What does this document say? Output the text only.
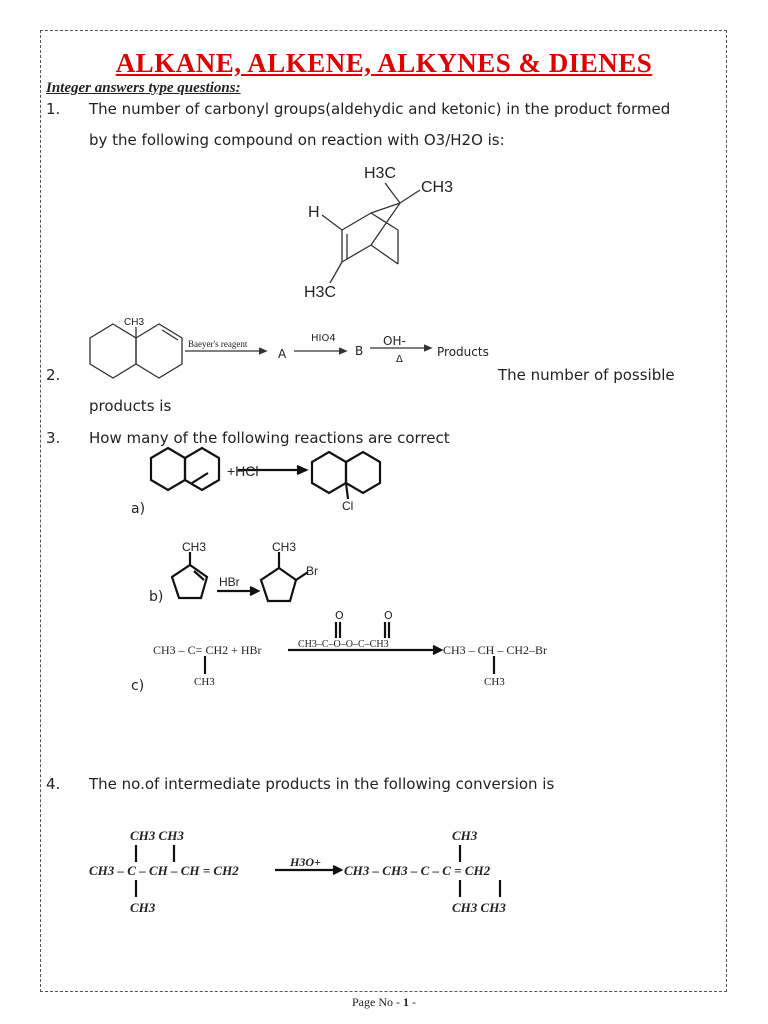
ALKANE, ALKENE, ALKYNES & DIENES
Integer answers type questions:
1. The number of carbonyl groups(aldehydic and ketonic) in the product formed
by the following compound on reaction with O3/H2O is:
H3C
CH3
H
H3C
CH3
Baeyer's reagent
A
HIO4
B
OH-
Δ
Products
2.	The number of possible
products is
3. How many of the following reactions are correct
+HCl
Cl
a)
CH3
HBr
CH3
Br
b)
CH3 – C= CH2 + HBr
CH3
CH3–C–O–O–C–CH3
O	O
CH3 – CH – CH2–Br
CH3
c)
4. The no.of intermediate products in the following conversion is
CH3 CH3
CH3 – C – CH – CH = CH2
CH3
H3O+
CH3 – CH3 – C – C = CH2
CH3
CH3 CH3
Page No - 1 -
